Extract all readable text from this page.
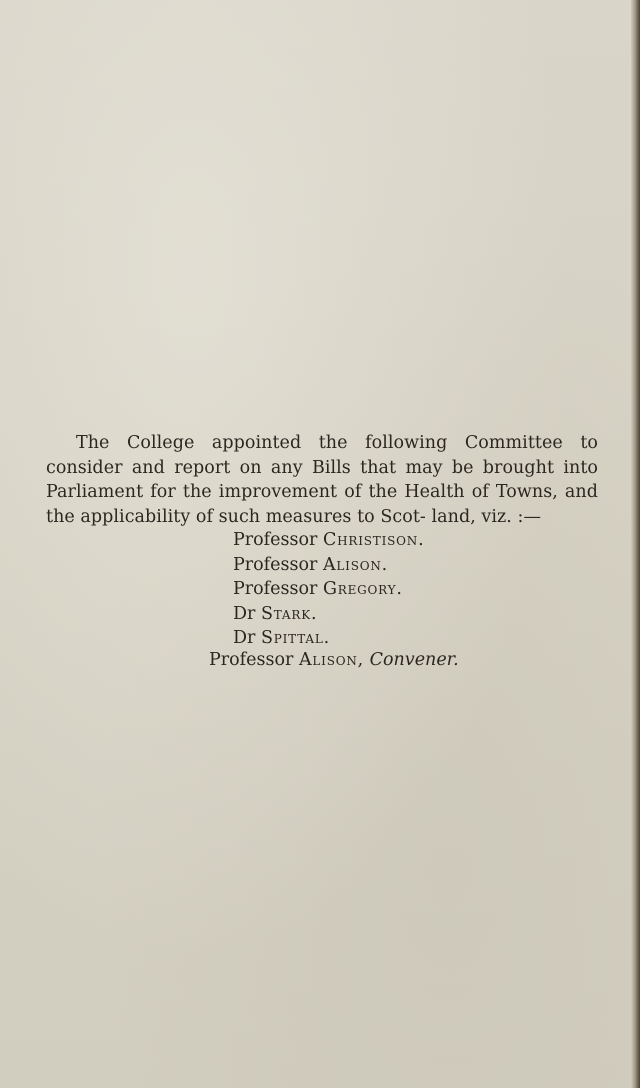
The College appointed the following Committee to consider and report on any Bills that may be brought into Parliament for the improvement of the Health of Towns, and the applicability of such measures to Scot- land, viz. :—

Professor Christison.
Professor Alison.
Professor Gregory.
Dr Stark.
Dr Spittal.

Professor Alison, Convener.
